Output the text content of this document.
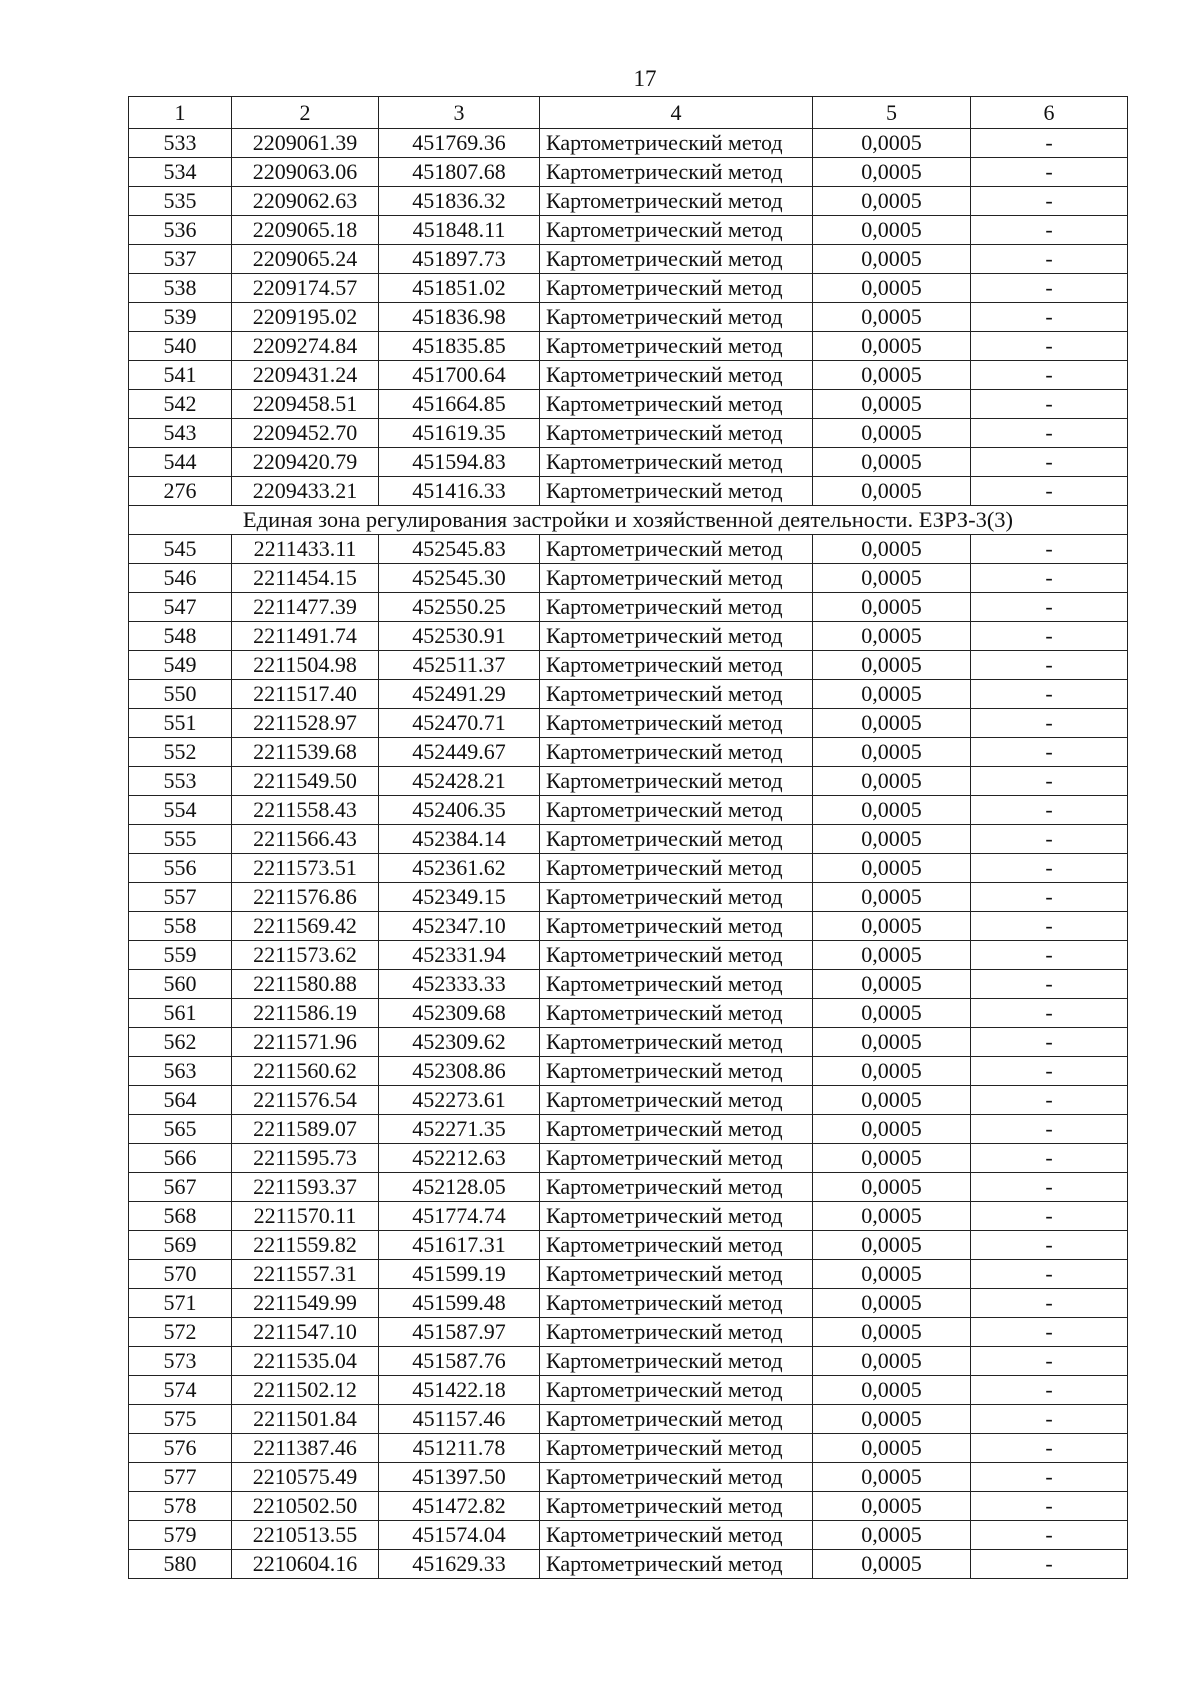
17
1	2	3	4	5	6
533	2209061.39	451769.36	Картометрический метод	0,0005	-
534	2209063.06	451807.68	Картометрический метод	0,0005	-
535	2209062.63	451836.32	Картометрический метод	0,0005	-
536	2209065.18	451848.11	Картометрический метод	0,0005	-
537	2209065.24	451897.73	Картометрический метод	0,0005	-
538	2209174.57	451851.02	Картометрический метод	0,0005	-
539	2209195.02	451836.98	Картометрический метод	0,0005	-
540	2209274.84	451835.85	Картометрический метод	0,0005	-
541	2209431.24	451700.64	Картометрический метод	0,0005	-
542	2209458.51	451664.85	Картометрический метод	0,0005	-
543	2209452.70	451619.35	Картометрический метод	0,0005	-
544	2209420.79	451594.83	Картометрический метод	0,0005	-
276	2209433.21	451416.33	Картометрический метод	0,0005	-
Единая зона регулирования застройки и хозяйственной деятельности. ЕЗРЗ-3(3)					
545	2211433.11	452545.83	Картометрический метод	0,0005	-
546	2211454.15	452545.30	Картометрический метод	0,0005	-
547	2211477.39	452550.25	Картометрический метод	0,0005	-
548	2211491.74	452530.91	Картометрический метод	0,0005	-
549	2211504.98	452511.37	Картометрический метод	0,0005	-
550	2211517.40	452491.29	Картометрический метод	0,0005	-
551	2211528.97	452470.71	Картометрический метод	0,0005	-
552	2211539.68	452449.67	Картометрический метод	0,0005	-
553	2211549.50	452428.21	Картометрический метод	0,0005	-
554	2211558.43	452406.35	Картометрический метод	0,0005	-
555	2211566.43	452384.14	Картометрический метод	0,0005	-
556	2211573.51	452361.62	Картометрический метод	0,0005	-
557	2211576.86	452349.15	Картометрический метод	0,0005	-
558	2211569.42	452347.10	Картометрический метод	0,0005	-
559	2211573.62	452331.94	Картометрический метод	0,0005	-
560	2211580.88	452333.33	Картометрический метод	0,0005	-
561	2211586.19	452309.68	Картометрический метод	0,0005	-
562	2211571.96	452309.62	Картометрический метод	0,0005	-
563	2211560.62	452308.86	Картометрический метод	0,0005	-
564	2211576.54	452273.61	Картометрический метод	0,0005	-
565	2211589.07	452271.35	Картометрический метод	0,0005	-
566	2211595.73	452212.63	Картометрический метод	0,0005	-
567	2211593.37	452128.05	Картометрический метод	0,0005	-
568	2211570.11	451774.74	Картометрический метод	0,0005	-
569	2211559.82	451617.31	Картометрический метод	0,0005	-
570	2211557.31	451599.19	Картометрический метод	0,0005	-
571	2211549.99	451599.48	Картометрический метод	0,0005	-
572	2211547.10	451587.97	Картометрический метод	0,0005	-
573	2211535.04	451587.76	Картометрический метод	0,0005	-
574	2211502.12	451422.18	Картометрический метод	0,0005	-
575	2211501.84	451157.46	Картометрический метод	0,0005	-
576	2211387.46	451211.78	Картометрический метод	0,0005	-
577	2210575.49	451397.50	Картометрический метод	0,0005	-
578	2210502.50	451472.82	Картометрический метод	0,0005	-
579	2210513.55	451574.04	Картометрический метод	0,0005	-
580	2210604.16	451629.33	Картометрический метод	0,0005	-
